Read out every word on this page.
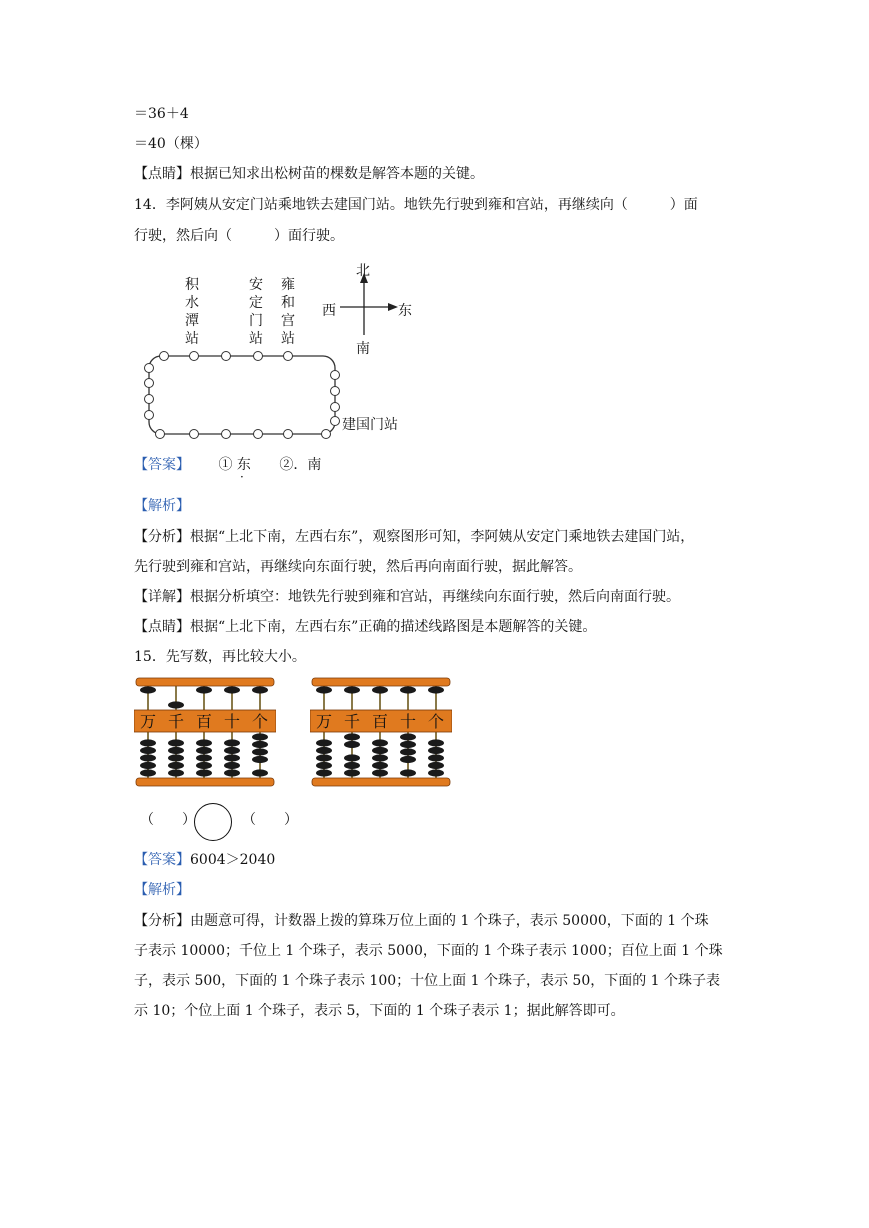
＝36＋4
＝40（棵）
【点睛】根据已知求出松树苗的棵数是解答本题的关键。
14．李阿姨从安定门站乘地铁去建国门站。地铁先行驶到雍和宫站，再继续向（　　　）面
行驶，然后向（　　　）面行驶。
积
水
潭
站
安
定
门
站
雍
和
宫
站
建国门站
北
南
西	东
【答案】 ① 东 ②．南
·
【解析】
【分析】根据“上北下南，左西右东”，观察图形可知，李阿姨从安定门乘地铁去建国门站，
先行驶到雍和宫站，再继续向东面行驶，然后再向南面行驶，据此解答。
【详解】根据分析填空：地铁先行驶到雍和宫站，再继续向东面行驶，然后向南面行驶。
【点睛】根据“上北下南，左西右东”正确的描述线路图是本题解答的关键。
15．先写数，再比较大小。
万 千 百 十 个	万 千 百 十 个
（　　）	（　　）
【答案】6004＞2040
【解析】
【分析】由题意可得，计数器上拨的算珠万位上面的 1 个珠子，表示 50000，下面的 1 个珠
子表示 10000；千位上 1 个珠子，表示 5000，下面的 1 个珠子表示 1000；百位上面 1 个珠
子，表示 500，下面的 1 个珠子表示 100；十位上面 1 个珠子，表示 50，下面的 1 个珠子表
示 10；个位上面 1 个珠子，表示 5，下面的 1 个珠子表示 1；据此解答即可。
